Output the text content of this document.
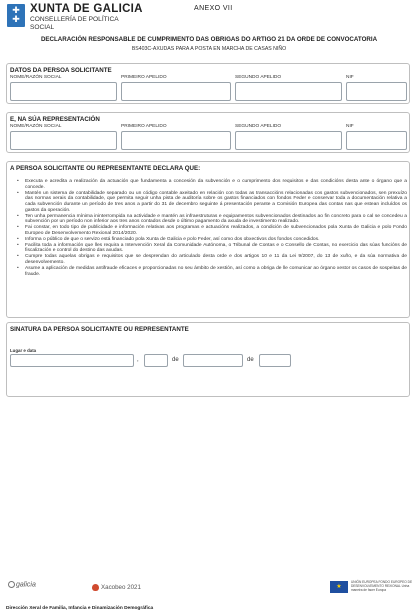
✚
✚
XUNTA DE GALICIA
CONSELLERÍA DE POLÍTICA
SOCIAL
ANEXO VII
DECLARACIÓN RESPONSABLE DE CUMPRIMENTO DAS OBRIGAS DO ARTIGO 21 DA ORDE DE CONVOCATORIA
BS403C-AXUDAS PARA A POSTA EN MARCHA DE CASAS NIÑO
DATOS DA PERSOA SOLICITANTE
NOME/RAZÓN SOCIAL	PRIMEIRO APELIDO	SEGUNDO APELIDO	NIF
E, NA SÚA REPRESENTACIÓN
NOME/RAZÓN SOCIAL	PRIMEIRO APELIDO	SEGUNDO APELIDO	NIF
A PERSOA SOLICITANTE OU REPRESENTANTE DECLARA QUE:
•	Executa e acredita a realización da actuación que fundamenta a concesión da subvención e o cumprimento dos requisitos e das condicións desta ante o órgano que a concede.
•	Mantén un sistema de contabilidade separado ou un código contable axeitado en relación con todas as transaccións relacionadas cos gastos subvencionados, sen prexuízo das normas xerais da contabilidade, que permita seguir unha pista de auditoría sobre os gastos financiados con fondos Feder e conservar toda a documentación relativa a cada subvención durante un período de tres anos a partir do 31 de decembro seguinte á presentación perante a Comisión Europea das contas nas que estean incluídos os gastos da operación.
•	Ten unha permanencia mínima ininterrompida na actividade e mantén as infraestruturas e equipamentos subvencionados destinados ao fin concreto para o cal se concedeu a subvención por un período non inferior aos tres anos contados desde o último pagamento da axuda de investimento realizado.
•	Fai constar, en todo tipo de publicidade e información relativas aos programas e actuacións realizados, a condición de subvencionados pola Xunta de Galicia e polo Fondo Europeo de Desenvolvemento Rexional 2014/2020.
•	Informa o público de que o servizo está financiado pola Xunta de Galicia e polo Feder, así como dos obxectivos dos fondos concedidos.
•	Facilita toda a información que lles requira a Intervención Xeral da Comunidade Autónoma, o Tribunal de Contas e o Consello de Contas, no exercicio das súas funcións de fiscalización e control do destino das axudas.
•	Cumpre todas aquelas obrigas e requisitos que se desprendan do articulado desta orde e dos artigos 10 e 11 da Lei 9/2007, do 13 de xuño, e da súa normativa de desenvolvemento.
•	Asume a aplicación de medidas antifraude eficaces e proporcionadas no seu ámbito de xestión, así como a obriga de lle comunicar ao órgano xestor os casos de sospeitas de fraude.
SINATURA DA PERSOA SOLICITANTE OU REPRESENTANTE
Lugar e data
,	de	de
galicia	Xacobeo 2021	★
UNIÓN EUROPEA FONDO EUROPEO DE DESENVOLVEMENTO REXIONAL Unha maneira de facer Europa
Dirección Xeral de Familia, Infancia e Dinamización Demográfica
